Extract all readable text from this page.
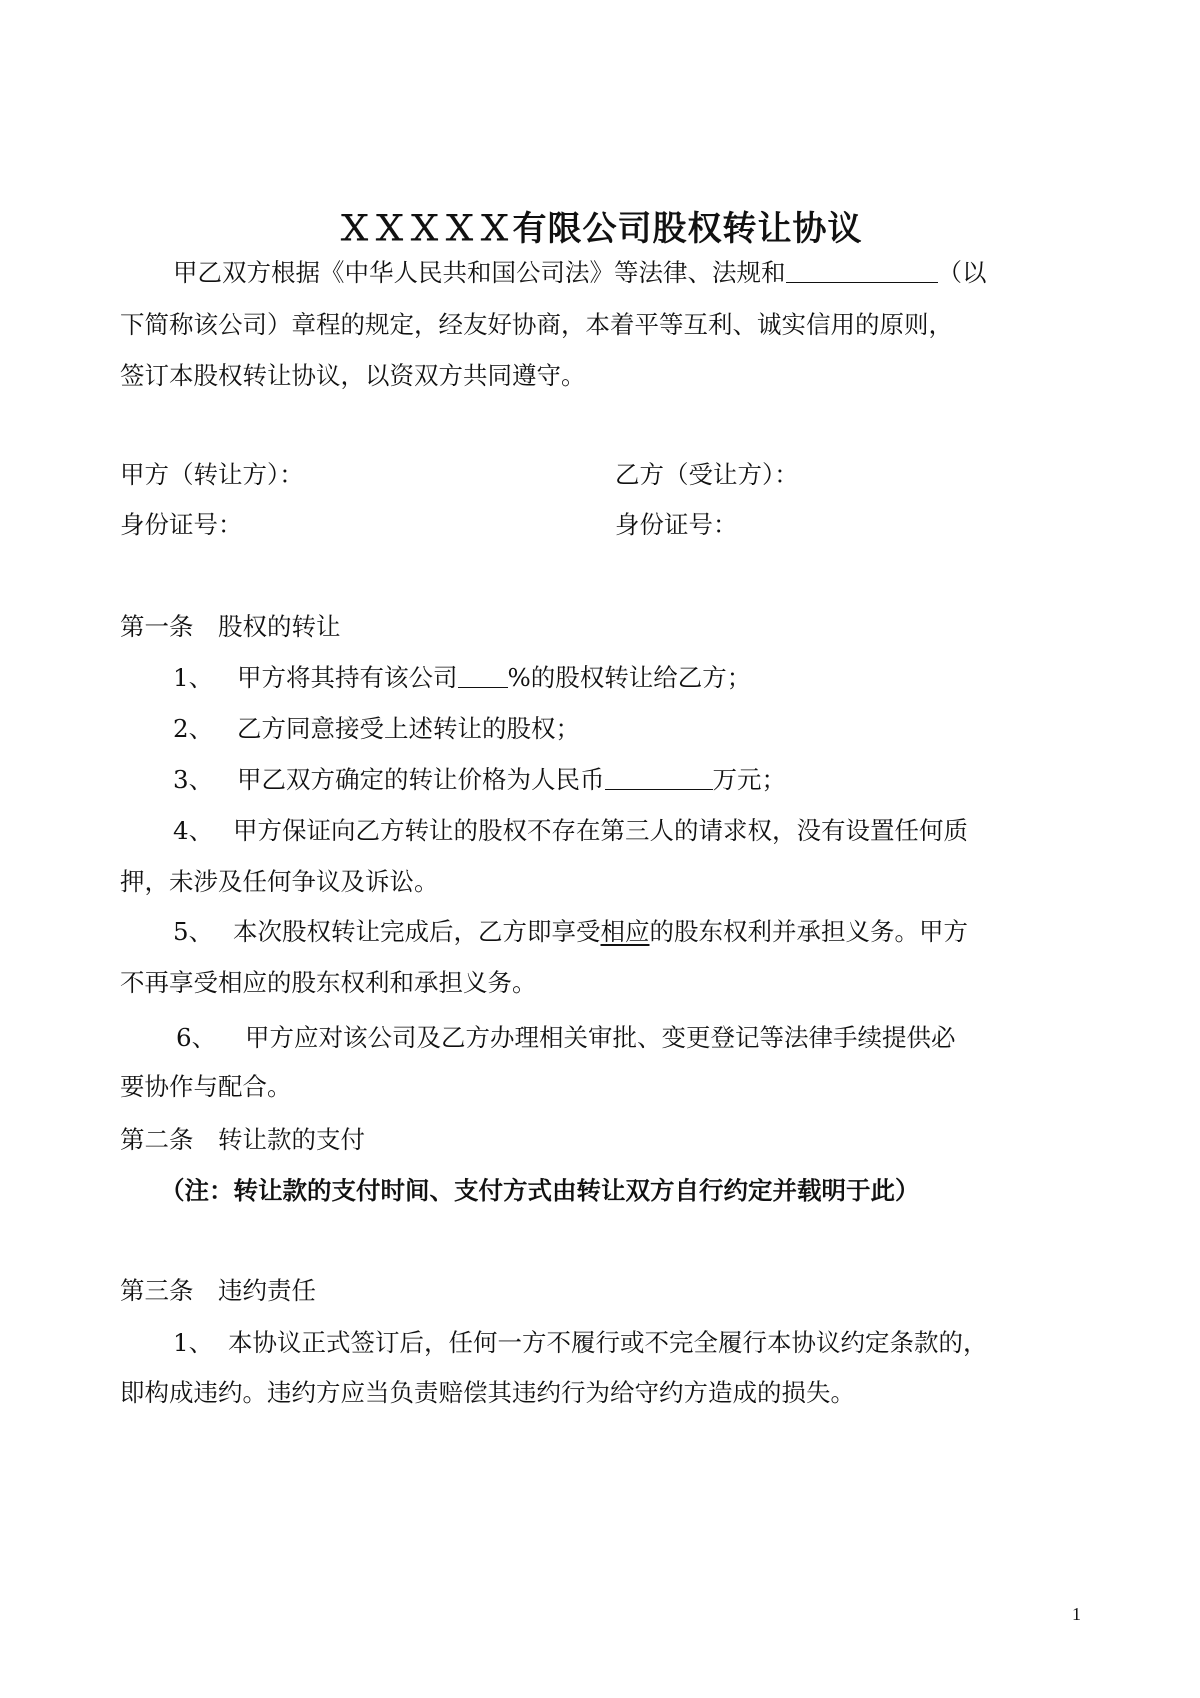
ＸＸＸＸＸ有限公司股权转让协议
甲乙双方根据《中华人民共和国公司法》等法律、法规和	（以
下简称该公司）章程的规定，经友好协商，本着平等互利、诚实信用的原则，
签订本股权转让协议，以资双方共同遵守。
甲方（转让方）：	乙方（受让方）：
身份证号：	身份证号：
第一条　股权的转让
1、 甲方将其持有该公司 %的股权转让给乙方；
2、 乙方同意接受上述转让的股权；
3、 甲乙双方确定的转让价格为人民币	万元；
4、 甲方保证向乙方转让的股权不存在第三人的请求权，没有设置任何质
押，未涉及任何争议及诉讼。
5、 本次股权转让完成后，乙方即享受相应的股东权利并承担义务。甲方
不再享受相应的股东权利和承担义务。
6、 甲方应对该公司及乙方办理相关审批、变更登记等法律手续提供必
要协作与配合。
第二条　转让款的支付
（注：转让款的支付时间、支付方式由转让双方自行约定并载明于此）
第三条　违约责任
1、 本协议正式签订后，任何一方不履行或不完全履行本协议约定条款的，
即构成违约。违约方应当负责赔偿其违约行为给守约方造成的损失。
1
